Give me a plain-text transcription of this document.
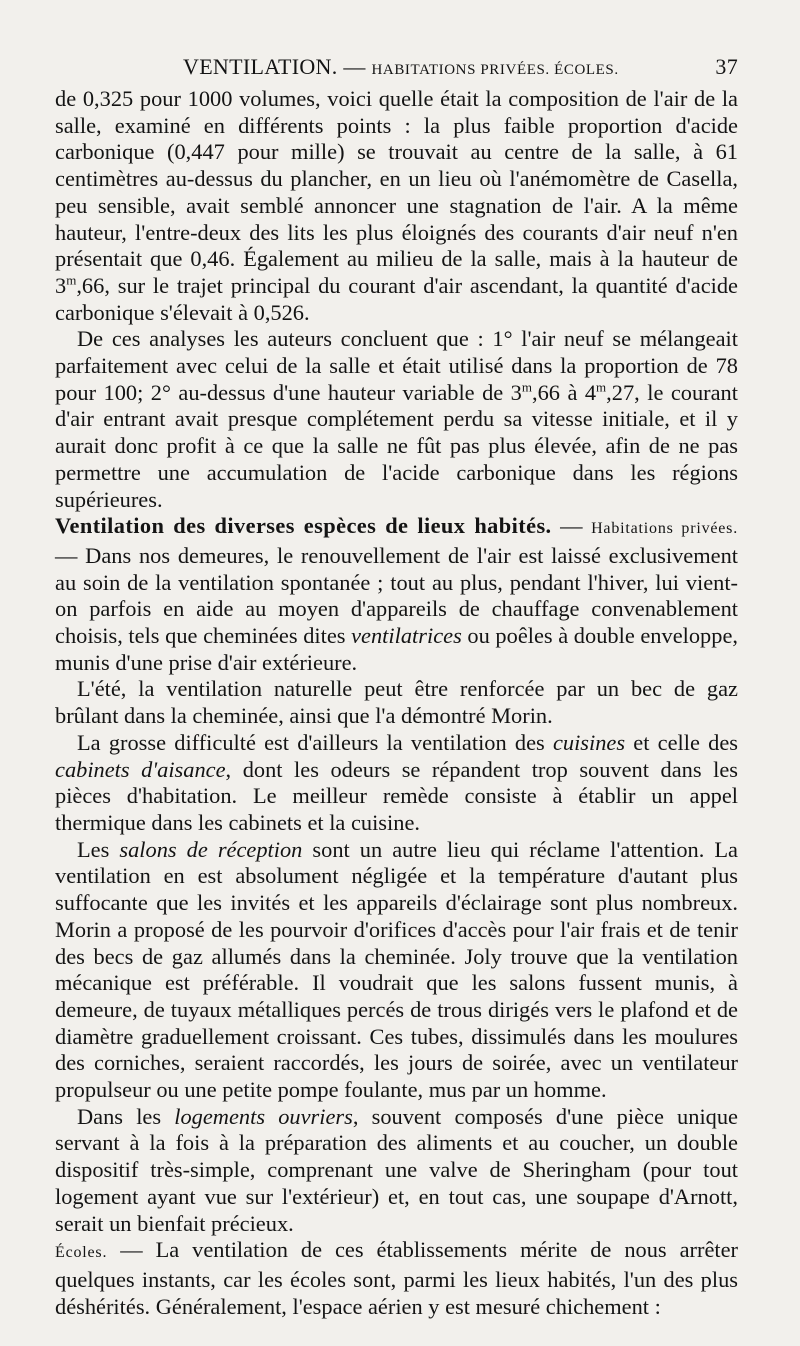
VENTILATION. — HABITATIONS PRIVÉES. ÉCOLES.	37

de 0,325 pour 1000 volumes, voici quelle était la composition de l'air de la salle, examiné en différents points : la plus faible proportion d'acide carbonique (0,447 pour mille) se trouvait au centre de la salle, à 61 centimètres au-dessus du plancher, en un lieu où l'anémomètre de Casella, peu sensible, avait semblé annoncer une stagnation de l'air. A la même hauteur, l'entre-deux des lits les plus éloignés des courants d'air neuf n'en présentait que 0,46. Également au milieu de la salle, mais à la hauteur de 3$^m$,66, sur le trajet principal du courant d'air ascendant, la quantité d'acide carbonique s'élevait à 0,526.

De ces analyses les auteurs concluent que : 1° l'air neuf se mélangeait parfaitement avec celui de la salle et était utilisé dans la proportion de 78 pour 100; 2° au-dessus d'une hauteur variable de 3$^m$,66 à 4$^m$,27, le courant d'air entrant avait presque complétement perdu sa vitesse initiale, et il y aurait donc profit à ce que la salle ne fût pas plus élevée, afin de ne pas permettre une accumulation de l'acide carbonique dans les régions supérieures.

Ventilation des diverses espèces de lieux habités. — Habitations privées. — Dans nos demeures, le renouvellement de l'air est laissé exclusivement au soin de la ventilation spontanée ; tout au plus, pendant l'hiver, lui vient-on parfois en aide au moyen d'appareils de chauffage convenablement choisis, tels que cheminées dites ventilatrices ou poêles à double enveloppe, munis d'une prise d'air extérieure.

L'été, la ventilation naturelle peut être renforcée par un bec de gaz brûlant dans la cheminée, ainsi que l'a démontré Morin.

La grosse difficulté est d'ailleurs la ventilation des cuisines et celle des cabinets d'aisance, dont les odeurs se répandent trop souvent dans les pièces d'habitation. Le meilleur remède consiste à établir un appel thermique dans les cabinets et la cuisine.

Les salons de réception sont un autre lieu qui réclame l'attention. La ventilation en est absolument négligée et la température d'autant plus suffocante que les invités et les appareils d'éclairage sont plus nombreux. Morin a proposé de les pourvoir d'orifices d'accès pour l'air frais et de tenir des becs de gaz allumés dans la cheminée. Joly trouve que la ventilation mécanique est préférable. Il voudrait que les salons fussent munis, à demeure, de tuyaux métalliques percés de trous dirigés vers le plafond et de diamètre graduellement croissant. Ces tubes, dissimulés dans les moulures des corniches, seraient raccordés, les jours de soirée, avec un ventilateur propulseur ou une petite pompe foulante, mus par un homme.

Dans les logements ouvriers, souvent composés d'une pièce unique servant à la fois à la préparation des aliments et au coucher, un double dispositif très-simple, comprenant une valve de Sheringham (pour tout logement ayant vue sur l'extérieur) et, en tout cas, une soupape d'Arnott, serait un bienfait précieux.

Écoles. — La ventilation de ces établissements mérite de nous arrêter quelques instants, car les écoles sont, parmi les lieux habités, l'un des plus déshérités. Généralement, l'espace aérien y est mesuré chichement :
